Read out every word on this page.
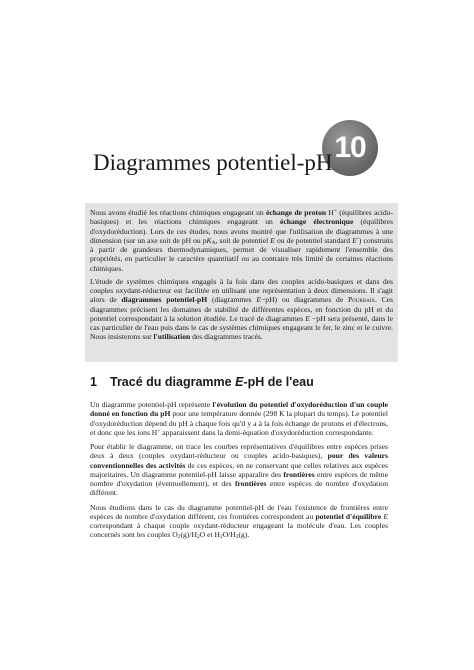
10
Diagrammes potentiel-pH

Nous avons étudié les réactions chimiques engageant un échange de proton H+ (équilibres acido-basiques) et les réactions chimiques engageant un échange électronique (équilibres d'oxydoréduction). Lors de ces études, nous avons montré que l'utilisation de diagrammes à une dimension (sur un axe soit de pH ou $pK_A$, soit de potentiel E ou de potentiel standard E◦) construits à partir de grandeurs thermodynamiques, permet de visualiser rapidement l'ensemble des propriétés, en particulier le caractère quantitatif ou au contraire très limité de certaines réactions chimiques.

L'étude de systèmes chimiques engagés à la fois dans des couples acido-basiques et dans des couples oxydant-réducteur est facilitée en utilisant une représentation à deux dimensions. Il s'agit alors de diagrammes potentiel-pH (diagrammes E−pH) ou diagrammes de Pourbaix. Ces diagrammes précisent les domaines de stabilité de différentes espèces, en fonction du pH et du potentiel correspondant à la solution étudiée. Le tracé de diagrammes E −pH sera présenté, dans le cas particulier de l'eau puis dans le cas de systèmes chimiques engageant le fer, le zinc et le cuivre. Nous insisterons sur l'utilisation des diagrammes tracés.

1 Tracé du diagramme E-pH de l'eau

Un diagramme potentiel-pH représente l'évolution du potentiel d'oxydoréduction d'un couple donné en fonction du pH pour une température donnée (298 K la plupart du temps). Le potentiel d'oxydoréduction dépend du pH à chaque fois qu'il y a à la fois échange de protons et d'électrons, et donc que les ions H+ apparaissent dans la demi-équation d'oxydoréduction correspondante.

Pour établir le diagramme, on trace les courbes représentatives d'équilibres entre espèces prises deux à deux (couples oxydant-réducteur ou couples acido-basiques), pour des valeurs conventionnelles des activités de ces espèces, en ne conservant que celles relatives aux espèces majoritaires. Un diagramme potentiel-pH laisse apparaître des frontières entre espèces de même nombre d'oxydation (éventuellement), et des frontières entre espèces de nombre d'oxydation différent.

Nous étudions dans le cas du diagramme potentiel-pH de l'eau l'existence de frontières entre espèces de nombre d'oxydation différent, ces frontières correspondent au potentiel d'équilibre E correspondant à chaque couple oxydant-réducteur engageant la molécule d'eau. Les couples concernés sont les couples $O_2(g)/H_2O$ et $H_2O/H_2(g)$.
